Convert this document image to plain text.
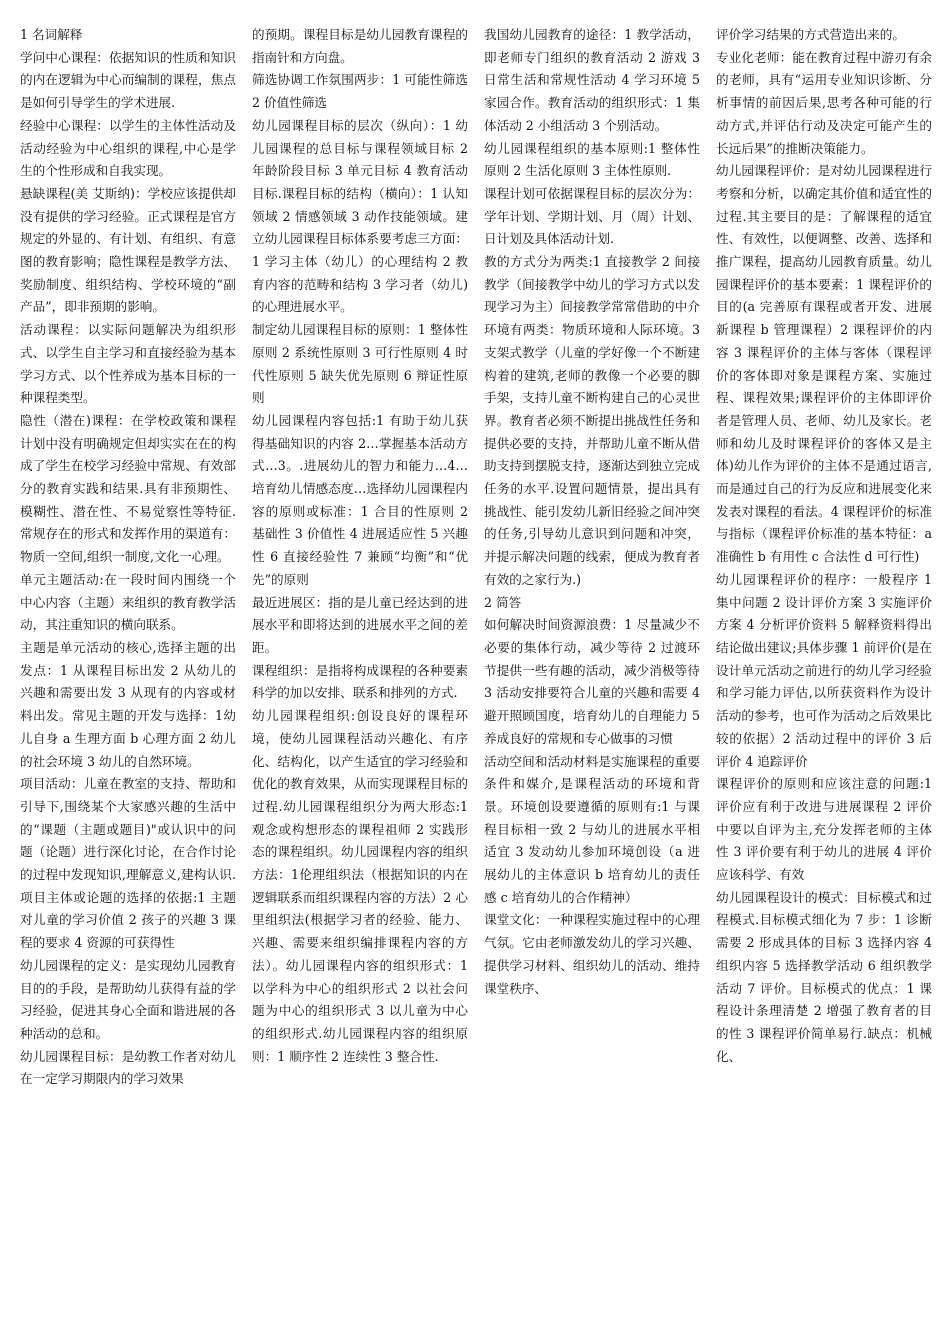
1 名词解释

学问中心课程：依据知识的性质和知识的内在逻辑为中心而编制的课程，焦点是如何引导学生的学术进展.

经验中心课程：以学生的主体性活动及活动经验为中心组织的课程,中心是学生的个性形成和自我实现。

悬缺课程(美 艾斯纳)：学校应该提供却没有提供的学习经验。正式课程是官方规定的外显的、有计划、有组织、有意图的教育影响；隐性课程是教学方法、奖励制度、组织结构、学校环境的“副产品”，即非预期的影响。

活动课程：以实际问题解决为组织形式、以学生自主学习和直接经验为基本学习方式、以个性养成为基本目标的一种课程类型。

隐性（潜在)课程：在学校政策和课程计划中没有明确规定但却实实在在的构成了学生在校学习经验中常规、有效部分的教育实践和结果.具有非预期性、模糊性、潜在性、不易觉察性等特征.常规存在的形式和发挥作用的渠道有：物质一空间,组织一制度,文化一心理。

单元主题活动:在一段时间内围绕一个中心内容（主题）来组织的教育教学活动，其注重知识的横向联系。

主题是单元活动的核心,选择主题的出发点：1 从课程目标出发 2 从幼儿的兴趣和需要出发 3 从现有的内容或材料出发。常见主题的开发与选择：1幼儿自身 a 生理方面 b 心理方面 2 幼儿的社会环境 3 幼儿的自然环境。

项目活动：儿童在教室的支持、帮助和引导下,围绕某个大家感兴趣的生活中的“课题（主题或题目)"或认识中的问题（论题）进行深化讨论，在合作讨论的过程中发现知识,理解意义,建构认识.项目主体或论题的选择的依据:1 主题对儿童的学习价值 2 孩子的兴趣 3 课程的要求 4 资源的可获得性

幼儿园课程的定义：是实现幼儿园教育目的的手段，是帮助幼儿获得有益的学习经验，促进其身心全面和谐进展的各种活动的总和。

幼儿园课程目标：是幼教工作者对幼儿在一定学习期限内的学习效果

的预期。课程目标是幼儿园教育课程的指南针和方向盘。

筛选协调工作氛围两步：1 可能性筛选 2 价值性筛选

幼儿园课程目标的层次（纵向）：1 幼儿园课程的总目标与课程领域目标 2 年龄阶段目标 3 单元目标 4 教育活动目标.课程目标的结构（横向）：1 认知领域 2 情感领域 3 动作技能领域。建立幼儿园课程目标体系要考虑三方面：1 学习主体（幼儿）的心理结构 2 教育内容的范畴和结构 3 学习者（幼儿)的心理进展水平。

制定幼儿园课程目标的原则：1 整体性原则 2 系统性原则 3 可行性原则 4 时代性原则 5 缺失优先原则 6 辩证性原则

幼儿园课程内容包括:1 有助于幼儿获得基础知识的内容 2…掌握基本活动方式…3。.进展幼儿的智力和能力…4…培育幼儿情感态度…选择幼儿园课程内容的原则或标准：1 合目的性原则 2 基础性 3 价值性 4 进展适应性 5 兴趣性 6 直接经验性 7 兼顾“均衡”和“优先”的原则

最近进展区：指的是儿童已经达到的进展水平和即将达到的进展水平之间的差距。

课程组织：是指将构成课程的各种要素科学的加以安排、联系和排列的方式.

幼儿园课程组织:创设良好的课程环境，使幼儿园课程活动兴趣化、有序化、结构化，以产生适宜的学习经验和优化的教育效果，从而实现课程目标的过程.幼儿园课程组织分为两大形态:1 观念或构想形态的课程祖师 2 实践形态的课程组织。幼儿园课程内容的组织方法：1伦理组织法（根据知识的内在逻辑联系而组织课程内容的方法）2 心里组织法(根据学习者的经验、能力、兴趣、需要来组织编排课程内容的方法）。幼儿园课程内容的组织形式：1 以学科为中心的组织形式 2 以社会问题为中心的组织形式 3 以儿童为中心的组织形式.幼儿园课程内容的组织原则：1 顺序性 2 连续性 3 整合性.

我国幼儿园教育的途径：1 教学活动，即老师专门组织的教育活动 2 游戏 3 日常生活和常规性活动 4 学习环境 5 家园合作。教育活动的组织形式：1 集体活动 2 小组活动 3 个别活动。

幼儿园课程组织的基本原则:1 整体性原则 2 生活化原则 3 主体性原则.

课程计划可依据课程目标的层次分为：学年计划、学期计划、月（周）计划、日计划及具体活动计划.

教的方式分为两类:1 直接教学 2 间接教学（间接教学中幼儿的学习方式以发现学习为主）间接教学常常借助的中介环境有两类：物质环境和人际环境。3 支架式教学（儿童的学好像一个不断建构着的建筑,老师的教像一个必要的脚手架，支持儿童不断构建自己的心灵世界。教育者必须不断提出挑战性任务和提供必要的支持，并帮助儿童不断从借助支持到摆脱支持，逐渐达到独立完成任务的水平.设置问题情景，提出具有挑战性、能引发幼儿新旧经验之间冲突的任务,引导幼儿意识到问题和冲突，并提示解决问题的线索，便成为教育者有效的之家行为.)

2 简答

如何解决时间资源浪费：1 尽量减少不必要的集体行动，减少等待 2 过渡环节提供一些有趣的活动，减少消极等待 3 活动安排要符合儿童的兴趣和需要 4 避开照顾国度，培育幼儿的自理能力 5 养成良好的常规和专心做事的习惯

活动空间和活动材料是实施课程的重要条件和媒介,是课程活动的环境和背景。环境创设要遵循的原则有:1 与课程目标相一致 2 与幼儿的进展水平相适宜 3 发动幼儿参加环境创设（a 进展幼儿的主体意识 b 培育幼儿的责任感 c 培育幼儿的合作精神）

课堂文化：一种课程实施过程中的心理气氛。它由老师激发幼儿的学习兴趣、提供学习材料、组织幼儿的活动、维持课堂秩序、

评价学习结果的方式营造出来的。

专业化老师：能在教育过程中游刃有余的老师，具有“运用专业知识诊断、分析事情的前因后果,思考各种可能的行动方式,并评估行动及决定可能产生的长远后果”的推断决策能力。

幼儿园课程评价：是对幼儿园课程进行考察和分析，以确定其价值和适宜性的过程.其主要目的是：了解课程的适宜性、有效性，以便调整、改善、选择和推广课程，提高幼儿园教育质量。幼儿园课程评价的基本要素：1 课程评价的目的(a 完善原有课程或者开发、进展新课程 b 管理课程）2 课程评价的内容 3 课程评价的主体与客体（课程评价的客体即对象是课程方案、实施过程、课程效果;课程评价的主体即评价者是管理人员、老师、幼儿及家长。老师和幼儿及时课程评价的客体又是主体)幼儿作为评价的主体不是通过语言,而是通过自己的行为反应和进展变化来发表对课程的看法。4 课程评价的标准与指标（课程评价标准的基本特征：a 准确性 b 有用性 c 合法性 d 可行性)

幼儿园课程评价的程序：一般程序 1 集中问题 2 设计评价方案 3 实施评价方案 4 分析评价资料 5 解释资料得出结论做出建议;具体步骤 1 前评价(是在设计单元活动之前进行的幼儿学习经验和学习能力评估,以所获资料作为设计活动的参考，也可作为活动之后效果比较的依据）2 活动过程中的评价 3 后评价 4 追踪评价

课程评价的原则和应该注意的问题:1 评价应有利于改进与进展课程 2 评价中要以自评为主,充分发挥老师的主体性 3 评价要有利于幼儿的进展 4 评价应该科学、有效

幼儿园课程设计的模式：目标模式和过程模式.目标模式细化为 7 步：1 诊断需要 2 形成具体的目标 3 选择内容 4 组织内容 5 选择教学活动 6 组织教学活动 7 评价。目标模式的优点：1 课程设计条理清楚 2 增强了教育者的目的性 3 课程评价简单易行.缺点：机械化、
